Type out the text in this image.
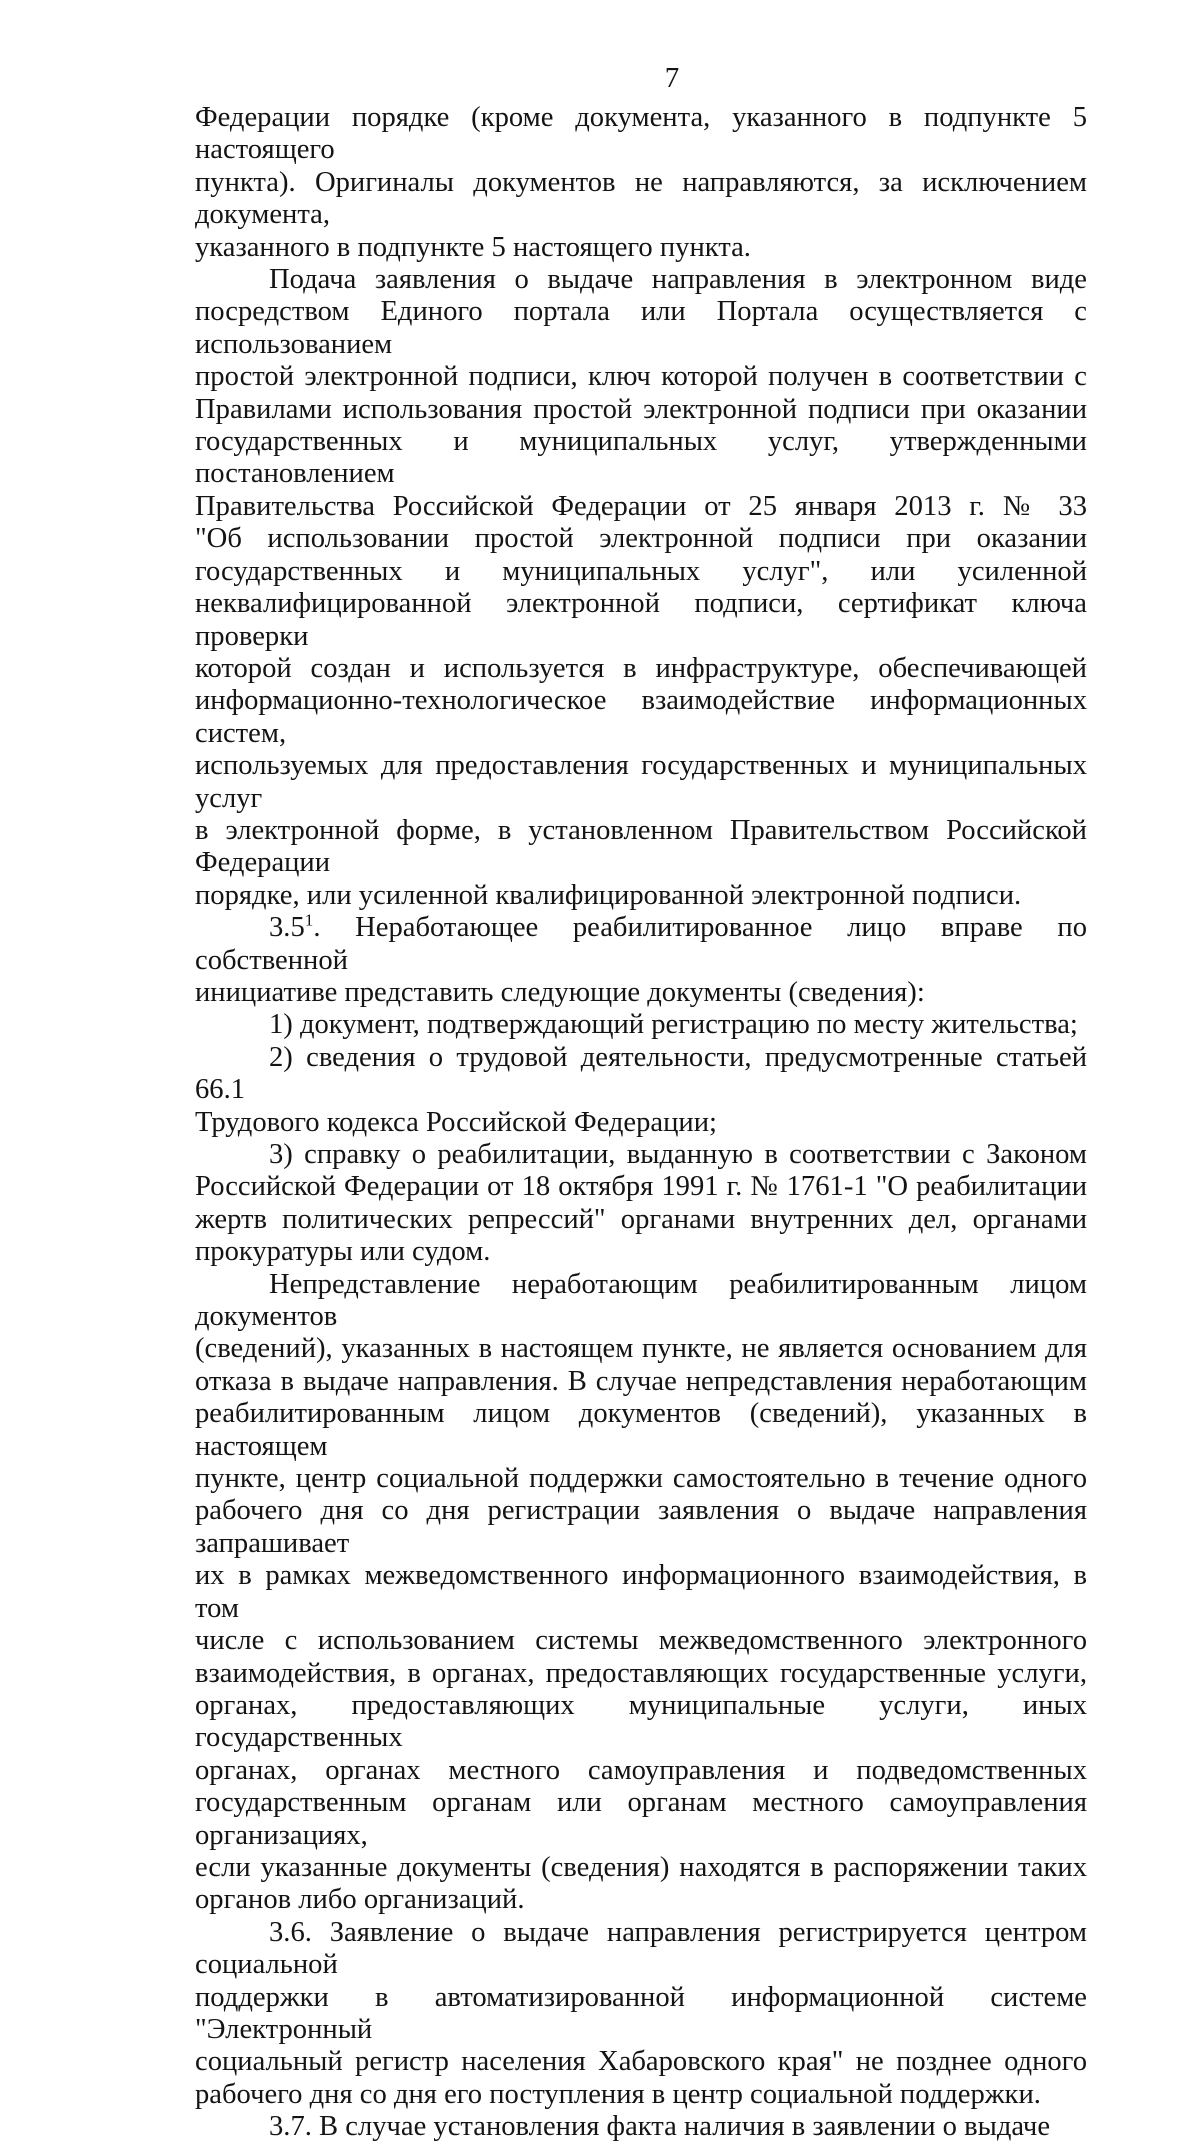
7

Федерации порядке (кроме документа, указанного в подпункте 5 настоящего

пункта). Оригиналы документов не направляются, за исключением документа,

указанного в подпункте 5 настоящего пункта.

Подача заявления о выдаче направления в электронном виде

посредством Единого портала или Портала осуществляется с использованием

простой электронной подписи, ключ которой получен в соответствии с

Правилами использования простой электронной подписи при оказании

государственных и муниципальных услуг, утвержденными постановлением

Правительства Российской Федерации от 25 января 2013 г. № 33

"Об использовании простой электронной подписи при оказании

государственных и муниципальных услуг", или усиленной

неквалифицированной электронной подписи, сертификат ключа проверки

которой создан и используется в инфраструктуре, обеспечивающей

информационно-технологическое взаимодействие информационных систем,

используемых для предоставления государственных и муниципальных услуг

в электронной форме, в установленном Правительством Российской Федерации

порядке, или усиленной квалифицированной электронной подписи.

$3.5^1$. Неработающее реабилитированное лицо вправе по собственной

инициативе представить следующие документы (сведения):

1) документ, подтверждающий регистрацию по месту жительства;

2) сведения о трудовой деятельности, предусмотренные статьей 66.1

Трудового кодекса Российской Федерации;

3) справку о реабилитации, выданную в соответствии с Законом

Российской Федерации от 18 октября 1991 г. № 1761-1 "О реабилитации

жертв политических репрессий" органами внутренних дел, органами

прокуратуры или судом.

Непредставление неработающим реабилитированным лицом документов

(сведений), указанных в настоящем пункте, не является основанием для

отказа в выдаче направления. В случае непредставления неработающим

реабилитированным лицом документов (сведений), указанных в настоящем

пункте, центр социальной поддержки самостоятельно в течение одного

рабочего дня со дня регистрации заявления о выдаче направления запрашивает

их в рамках межведомственного информационного взаимодействия, в том

числе с использованием системы межведомственного электронного

взаимодействия, в органах, предоставляющих государственные услуги,

органах, предоставляющих муниципальные услуги, иных государственных

органах, органах местного самоуправления и подведомственных

государственным органам или органам местного самоуправления организациях,

если указанные документы (сведения) находятся в распоряжении таких

органов либо организаций.

3.6. Заявление о выдаче направления регистрируется центром социальной

поддержки в автоматизированной информационной системе "Электронный

социальный регистр населения Хабаровского края" не позднее одного

рабочего дня со дня его поступления в центр социальной поддержки.

3.7. В случае установления факта наличия в заявлении о выдаче
